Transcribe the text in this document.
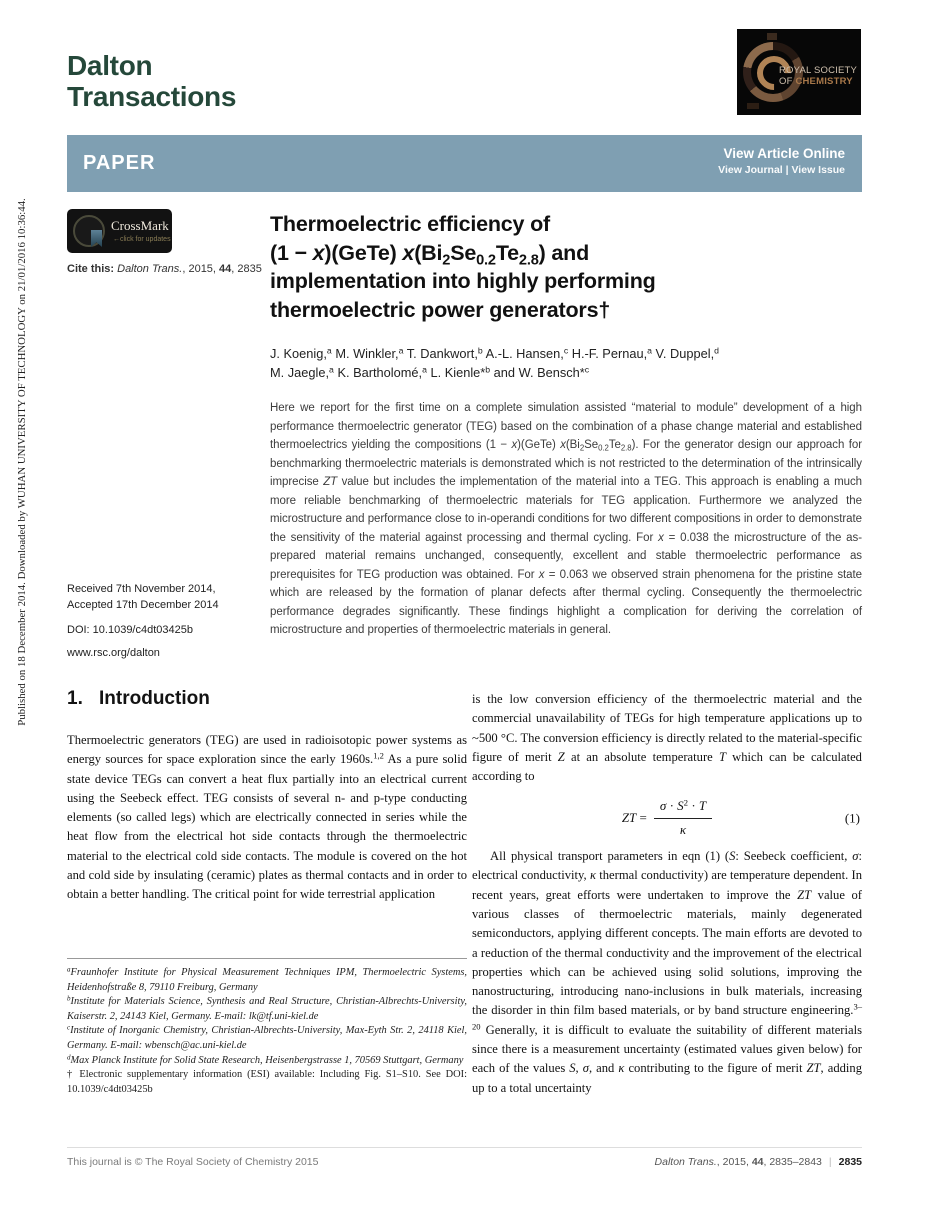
Published on 18 December 2014. Downloaded by WUHAN UNIVERSITY OF TECHNOLOGY on 21/01/2016 10:36:44.
Dalton
Transactions
ROYAL SOCIETY
OF CHEMISTRY
PAPER	View Article Online
View Journal | View Issue
CrossMark
←click for updates
Cite this: Dalton Trans., 2015, 44, 2835
Received 7th November 2014,
Accepted 17th December 2014
DOI: 10.1039/c4dt03425b
www.rsc.org/dalton
Thermoelectric efficiency of
(1 − x)(GeTe) $x(Bi_2Se_{0.2}Te_{2.8})$ and
implementation into highly performing
thermoelectric power generators†
J. Koenig,$^a$ M. Winkler,$^a$ T. Dankwort,$^b$ A.-L. Hansen,$^c$ H.-F. Pernau,$^a$ V. Duppel,$^d$
M. Jaegle,$^a$ K. Bartholomé,$^a$ L. Kienle*$^b$ and W. Bensch*$^c$
Here we report for the first time on a complete simulation assisted “material to module” development of a high performance thermoelectric generator (TEG) based on the combination of a phase change material and established thermoelectrics yielding the compositions (1 − x)(GeTe) $x(Bi_2Se_{0.2}Te_{2.8})$. For the generator design our approach for benchmarking thermoelectric materials is demonstrated which is not restricted to the determination of the intrinsically imprecise ZT value but includes the implementation of the material into a TEG. This approach is enabling a much more reliable benchmarking of thermoelectric materials for TEG application. Furthermore we analyzed the microstructure and performance close to in-operandi conditions for two different compositions in order to demonstrate the sensitivity of the material against processing and thermal cycling. For x = 0.038 the microstructure of the as-prepared material remains unchanged, consequently, excellent and stable thermoelectric performance as prerequisites for TEG production was obtained. For x = 0.063 we observed strain phenomena for the pristine state which are released by the formation of planar defects after thermal cycling. Consequently the thermoelectric performance degrades significantly. These findings highlight a complication for deriving the correlation of microstructure and properties of thermoelectric materials in general.
1. Introduction
Thermoelectric generators (TEG) are used in radioisotopic power systems as energy sources for space exploration since the early 1960s.$^{1,2}$ As a pure solid state device TEGs can convert a heat flux partially into an electrical current using the Seebeck effect. TEG consists of several n- and p-type conducting elements (so called legs) which are electrically connected in series while the heat flow from the electrical hot side contacts through the thermoelectric material to the electrical cold side contacts. The module is covered on the hot and cold side by insulating (ceramic) plates as thermal contacts and in order to obtain a better handling. The critical point for wide terrestrial application
$^a$Fraunhofer Institute for Physical Measurement Techniques IPM, Thermoelectric Systems, Heidenhofstraße 8, 79110 Freiburg, Germany
$^b$Institute for Materials Science, Synthesis and Real Structure, Christian-Albrechts-University, Kaiserstr. 2, 24143 Kiel, Germany. E-mail: lk@tf.uni-kiel.de
$^c$Institute of Inorganic Chemistry, Christian-Albrechts-University, Max-Eyth Str. 2, 24118 Kiel, Germany. E-mail: wbensch@ac.uni-kiel.de
$^d$Max Planck Institute for Solid State Research, Heisenbergstrasse 1, 70569 Stuttgart, Germany
† Electronic supplementary information (ESI) available: Including Fig. S1–S10. See DOI: 10.1039/c4dt03425b
is the low conversion efficiency of the thermoelectric material and the commercial unavailability of TEGs for high temperature applications up to ~500 °C. The conversion efficiency is directly related to the material-specific figure of merit Z at an absolute temperature T which can be calculated according to
ZT = $\frac{\sigma \cdot S^2 \cdot T}{\kappa}$	(1)
All physical transport parameters in eqn (1) (S: Seebeck coefficient, σ: electrical conductivity, κ thermal conductivity) are temperature dependent. In recent years, great efforts were undertaken to improve the ZT value of various classes of thermoelectric materials, mainly degenerated semiconductors, applying different concepts. The main efforts are devoted to a reduction of the thermal conductivity and the improvement of the electrical properties which can be achieved using solid solutions, improving the nanostructuring, introducing nano-inclusions in bulk materials, increasing the disorder in thin film based materials, or by band structure engineering.$^{3-20}$ Generally, it is difficult to evaluate the suitability of different materials since there is a measurement uncertainty (estimated values given below) for each of the values S, σ, and κ contributing to the figure of merit ZT, adding up to a total uncertainty
This journal is © The Royal Society of Chemistry 2015	Dalton Trans., 2015, 44, 2835–2843 | 2835
